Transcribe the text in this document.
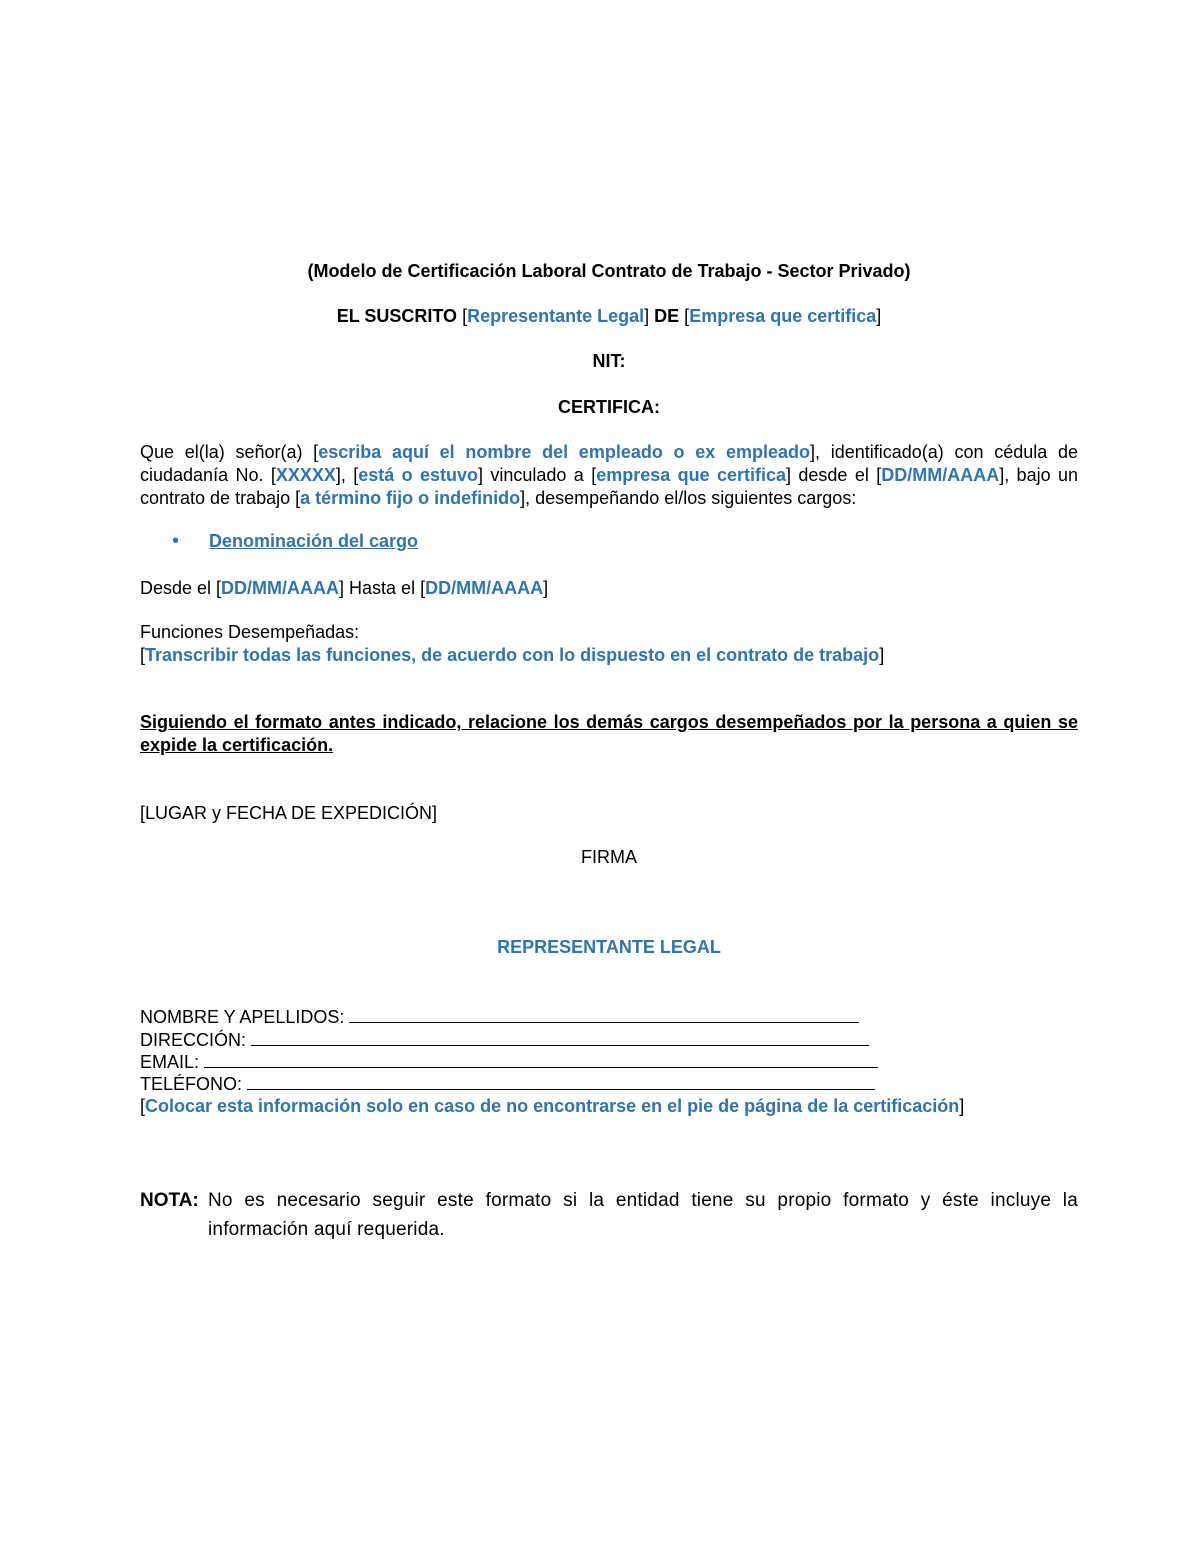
(Modelo de Certificación Laboral Contrato de Trabajo - Sector Privado)
EL SUSCRITO [Representante Legal] DE [Empresa que certifica]
NIT:
CERTIFICA:
Que el(la) señor(a) [escriba aquí el nombre del empleado o ex empleado], identificado(a) con cédula de ciudadanía No. [XXXXX], [está o estuvo] vinculado a [empresa que certifica] desde el [DD/MM/AAAA], bajo un contrato de trabajo [a término fijo o indefinido], desempeñando el/los siguientes cargos:
• Denominación del cargo
Desde el [DD/MM/AAAA] Hasta el [DD/MM/AAAA]
Funciones Desempeñadas:
[Transcribir todas las funciones, de acuerdo con lo dispuesto en el contrato de trabajo]
Siguiendo el formato antes indicado, relacione los demás cargos desempeñados por la persona a quien se expide la certificación.
[LUGAR y FECHA DE EXPEDICIÓN]
FIRMA
REPRESENTANTE LEGAL
NOMBRE Y APELLIDOS:
DIRECCIÓN:
EMAIL:
TELÉFONO:
[Colocar esta información solo en caso de no encontrarse en el pie de página de la certificación]
NOTA: No es necesario seguir este formato si la entidad tiene su propio formato y éste incluye la información aquí requerida.
